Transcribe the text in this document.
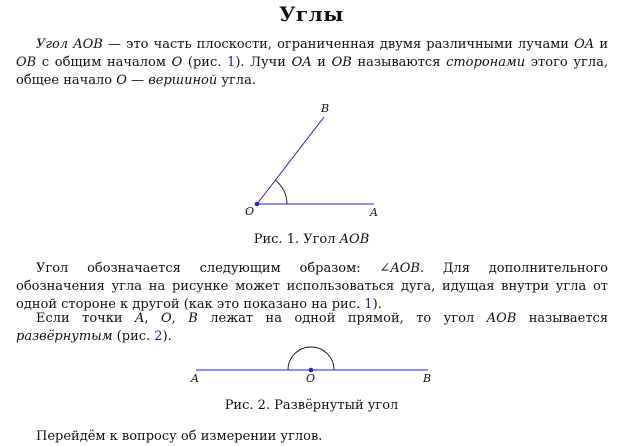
Углы
Угол AOB — это часть плоскости, ограниченная двумя различными лучами OA и OB с общим началом O (рис. 1). Лучи OA и OB называются сторонами этого угла, общее начало O — вершиной угла.
B
O	A
A	O	B
Рис. 1. Угол AOB
Угол обозначается следующим образом: ∠AOB. Для дополнительного обозначения угла на рисунке может использоваться дуга, идущая внутри угла от одной стороне к другой (как это показано на рис. 1).
Если точки A, O, B лежат на одной прямой, то угол AOB называется развёрнутым (рис. 2).
Рис. 2. Развёрнутый угол
Перейдём к вопросу об измерении углов.
